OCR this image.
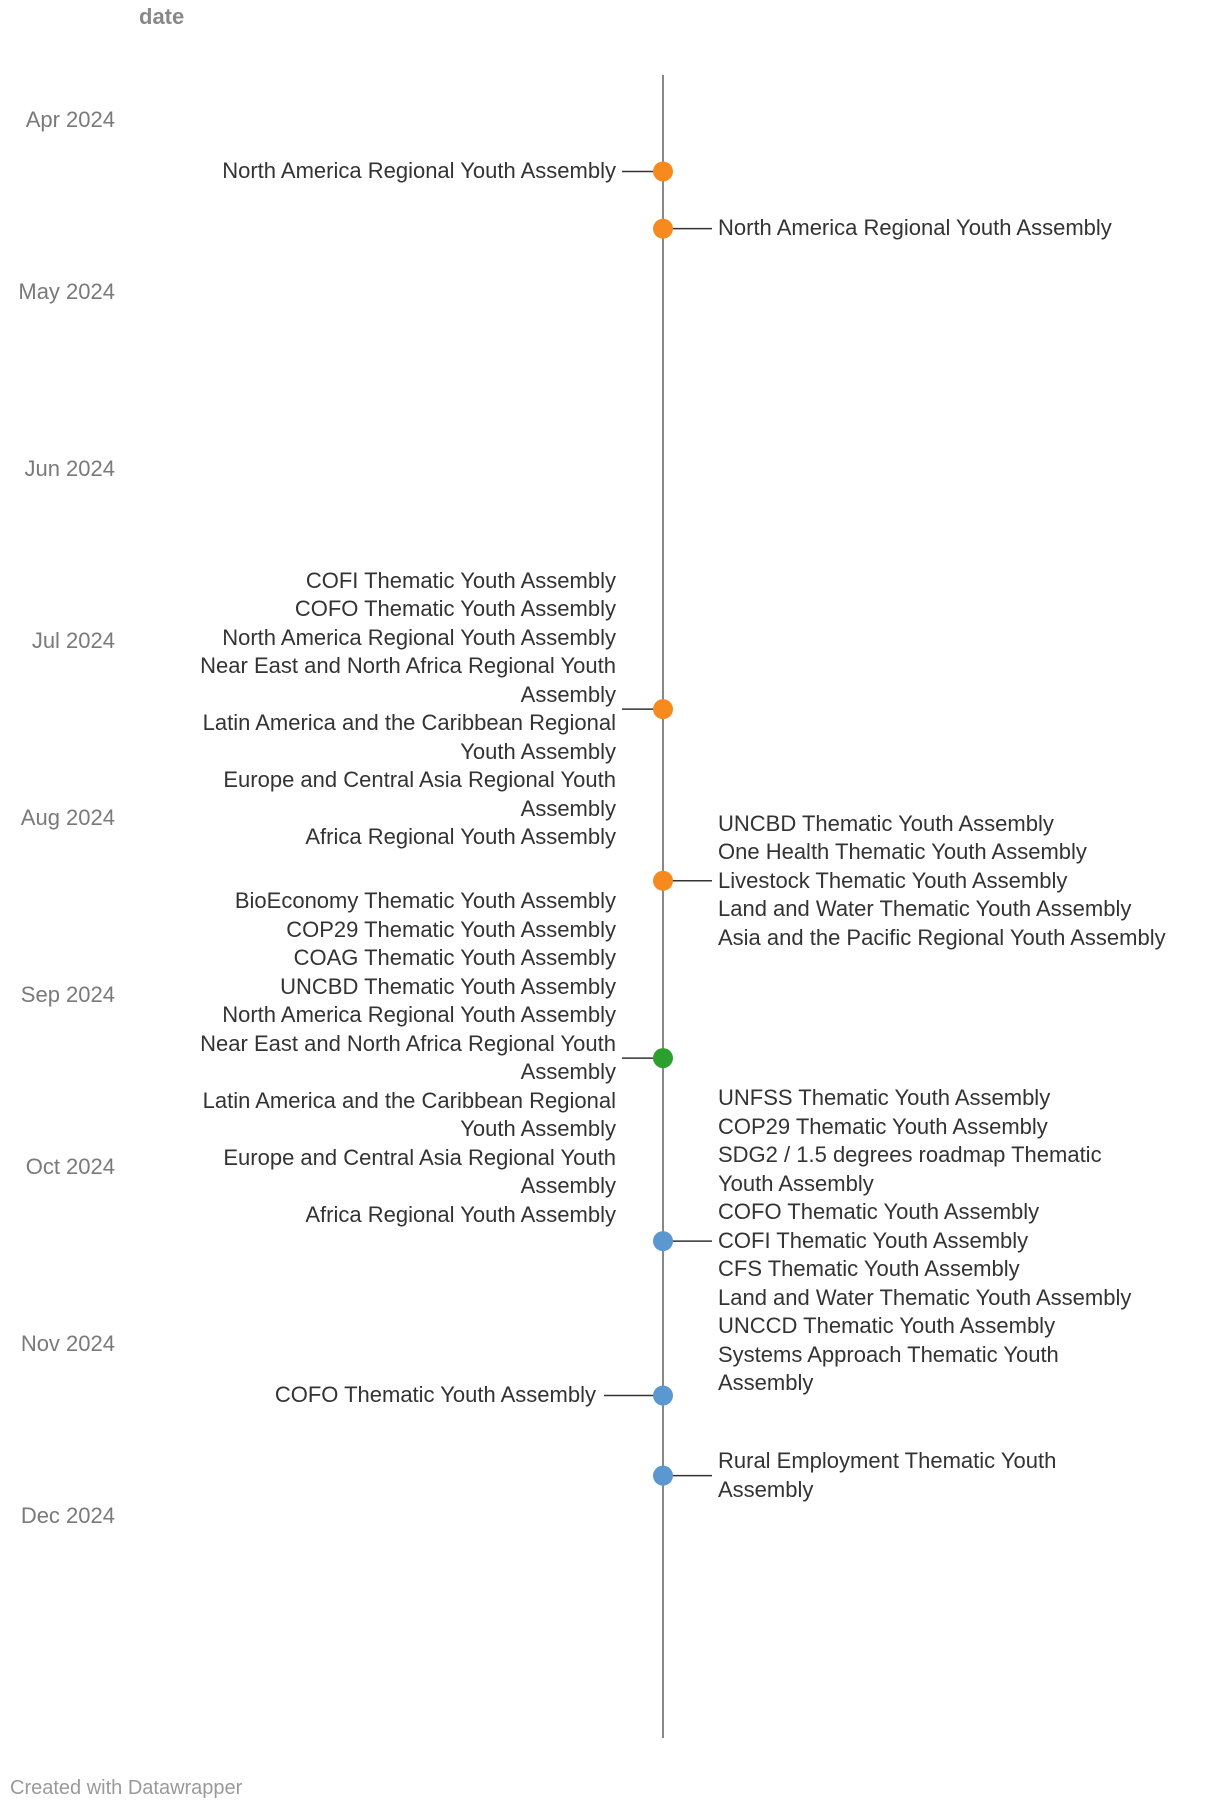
date
Apr 2024
May 2024
Jun 2024
Jul 2024
Aug 2024
Sep 2024
Oct 2024
Nov 2024
Dec 2024
North America Regional Youth Assembly
North America Regional Youth Assembly
COFI Thematic Youth Assembly
COFO Thematic Youth Assembly
North America Regional Youth Assembly
Near East and North Africa Regional Youth
Assembly
Latin America and the Caribbean Regional
Youth Assembly
Europe and Central Asia Regional Youth
Assembly
Africa Regional Youth Assembly
UNCBD Thematic Youth Assembly
One Health Thematic Youth Assembly
Livestock Thematic Youth Assembly
Land and Water Thematic Youth Assembly
Asia and the Pacific Regional Youth Assembly
BioEconomy Thematic Youth Assembly
COP29 Thematic Youth Assembly
COAG Thematic Youth Assembly
UNCBD Thematic Youth Assembly
North America Regional Youth Assembly
Near East and North Africa Regional Youth
Assembly
Latin America and the Caribbean Regional
Youth Assembly
Europe and Central Asia Regional Youth
Assembly
Africa Regional Youth Assembly
UNFSS Thematic Youth Assembly
COP29 Thematic Youth Assembly
SDG2 / 1.5 degrees roadmap Thematic
Youth Assembly
COFO Thematic Youth Assembly
COFI Thematic Youth Assembly
CFS Thematic Youth Assembly
Land and Water Thematic Youth Assembly
UNCCD Thematic Youth Assembly
Systems Approach Thematic Youth
Assembly
COFO Thematic Youth Assembly
Rural Employment Thematic Youth
Assembly
Created with Datawrapper
